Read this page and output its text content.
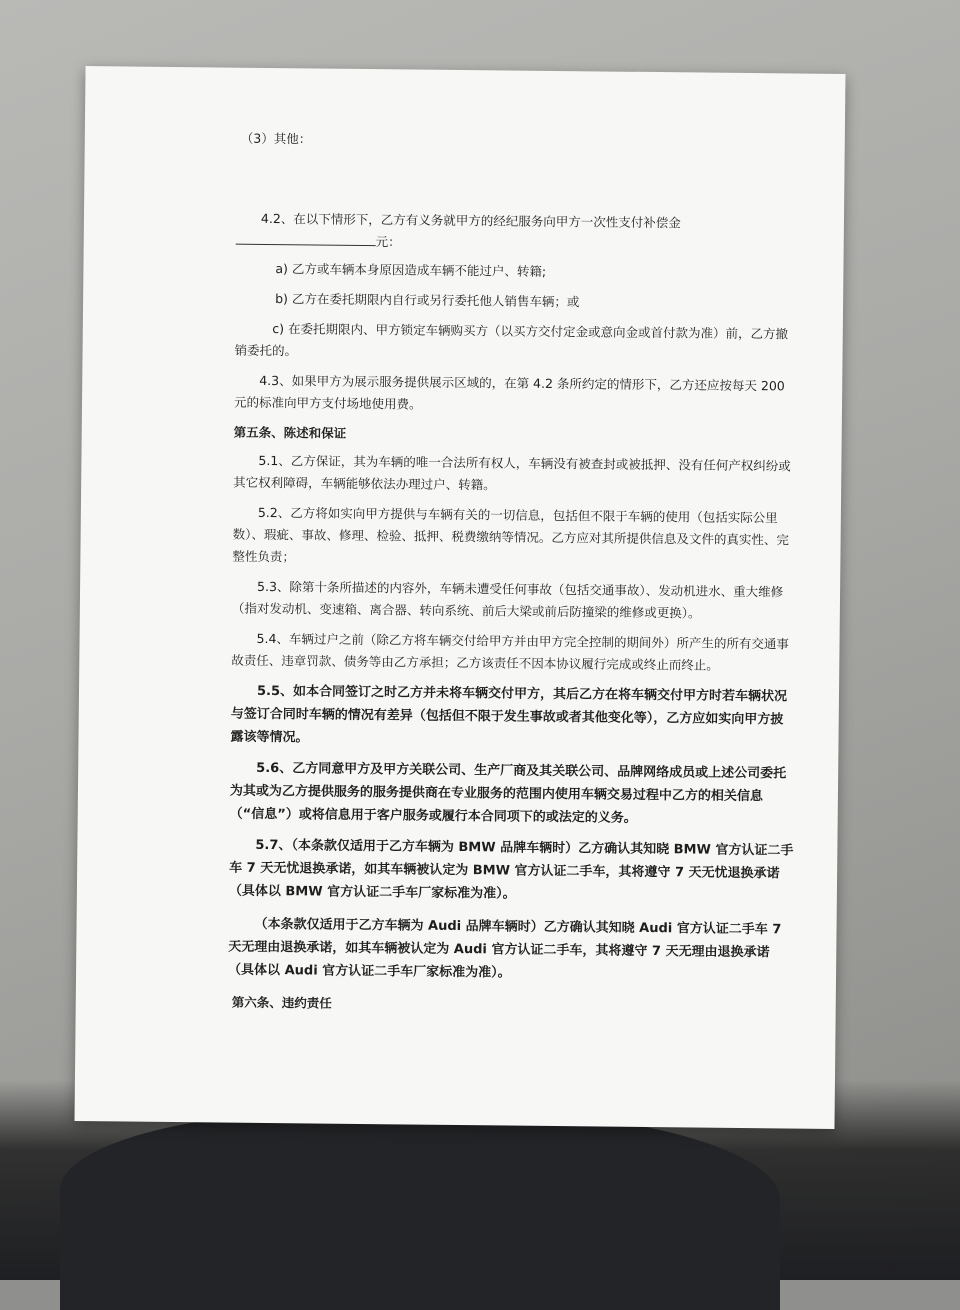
（3）其他：

4.2、在以下情形下，乙方有义务就甲方的经纪服务向甲方一次性支付补偿金
元：

a) 乙方或车辆本身原因造成车辆不能过户、转籍;

b) 乙方在委托期限内自行或另行委托他人销售车辆；或

c) 在委托期限内、甲方锁定车辆购买方（以买方交付定金或意向金或首付款为准）前，乙方撤销委托的。

4.3、如果甲方为展示服务提供展示区域的，在第 4.2 条所约定的情形下，乙方还应按每天 200 元的标准向甲方支付场地使用费。

第五条、陈述和保证

5.1、乙方保证，其为车辆的唯一合法所有权人，车辆没有被查封或被抵押、没有任何产权纠纷或其它权利障碍，车辆能够依法办理过户、转籍。

5.2、乙方将如实向甲方提供与车辆有关的一切信息，包括但不限于车辆的使用（包括实际公里数）、瑕疵、事故、修理、检验、抵押、税费缴纳等情况。乙方应对其所提供信息及文件的真实性、完整性负责；

5.3、除第十条所描述的内容外，车辆未遭受任何事故（包括交通事故）、发动机进水、重大维修（指对发动机、变速箱、离合器、转向系统、前后大梁或前后防撞梁的维修或更换）。

5.4、车辆过户之前（除乙方将车辆交付给甲方并由甲方完全控制的期间外）所产生的所有交通事故责任、违章罚款、债务等由乙方承担；乙方该责任不因本协议履行完成或终止而终止。

5.5、如本合同签订之时乙方并未将车辆交付甲方，其后乙方在将车辆交付甲方时若车辆状况与签订合同时车辆的情况有差异（包括但不限于发生事故或者其他变化等），乙方应如实向甲方披露该等情况。

5.6、乙方同意甲方及甲方关联公司、生产厂商及其关联公司、品牌网络成员或上述公司委托为其或为乙方提供服务的服务提供商在专业服务的范围内使用车辆交易过程中乙方的相关信息（“信息”）或将信息用于客户服务或履行本合同项下的或法定的义务。

5.7、（本条款仅适用于乙方车辆为 BMW 品牌车辆时）乙方确认其知晓 BMW 官方认证二手车 7 天无忧退换承诺，如其车辆被认定为 BMW 官方认证二手车，其将遵守 7 天无忧退换承诺（具体以 BMW 官方认证二手车厂家标准为准）。

（本条款仅适用于乙方车辆为 Audi 品牌车辆时）乙方确认其知晓 Audi 官方认证二手车 7 天无理由退换承诺，如其车辆被认定为 Audi 官方认证二手车，其将遵守 7 天无理由退换承诺（具体以 Audi 官方认证二手车厂家标准为准）。

第六条、违约责任
